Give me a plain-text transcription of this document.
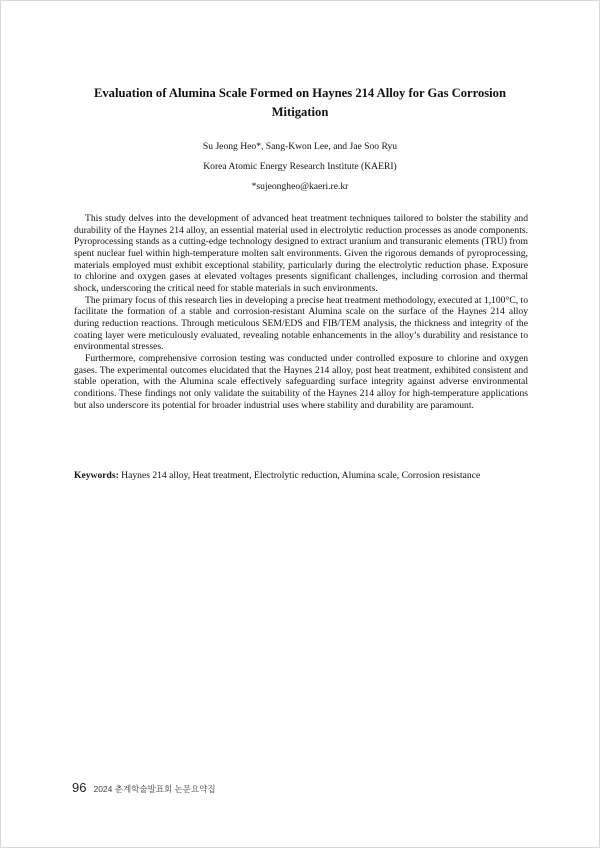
Evaluation of Alumina Scale Formed on Haynes 214 Alloy for Gas Corrosion Mitigation
Su Jeong Heo*, Sang-Kwon Lee, and Jae Soo Ryu
Korea Atomic Energy Research Institute (KAERI)
*sujeongheo@kaeri.re.kr

This study delves into the development of advanced heat treatment techniques tailored to bolster the stability and durability of the Haynes 214 alloy, an essential material used in electrolytic reduction processes as anode components. Pyroprocessing stands as a cutting-edge technology designed to extract uranium and transuranic elements (TRU) from spent nuclear fuel within high-temperature molten salt environments. Given the rigorous demands of pyroprocessing, materials employed must exhibit exceptional stability, particularly during the electrolytic reduction phase. Exposure to chlorine and oxygen gases at elevated voltages presents significant challenges, including corrosion and thermal shock, underscoring the critical need for stable materials in such environments.

The primary focus of this research lies in developing a precise heat treatment methodology, executed at 1,100°C, to facilitate the formation of a stable and corrosion-resistant Alumina scale on the surface of the Haynes 214 alloy during reduction reactions. Through meticulous SEM/EDS and FIB/TEM analysis, the thickness and integrity of the coating layer were meticulously evaluated, revealing notable enhancements in the alloy’s durability and resistance to environmental stresses.

Furthermore, comprehensive corrosion testing was conducted under controlled exposure to chlorine and oxygen gases. The experimental outcomes elucidated that the Haynes 214 alloy, post heat treatment, exhibited consistent and stable operation, with the Alumina scale effectively safeguarding surface integrity against adverse environmental conditions. These findings not only validate the suitability of the Haynes 214 alloy for high-temperature applications but also underscore its potential for broader industrial uses where stability and durability are paramount.

Keywords: Haynes 214 alloy, Heat treatment, Electrolytic reduction, Alumina scale, Corrosion resistance
96 2024 춘계학술발표회 논문요약집
